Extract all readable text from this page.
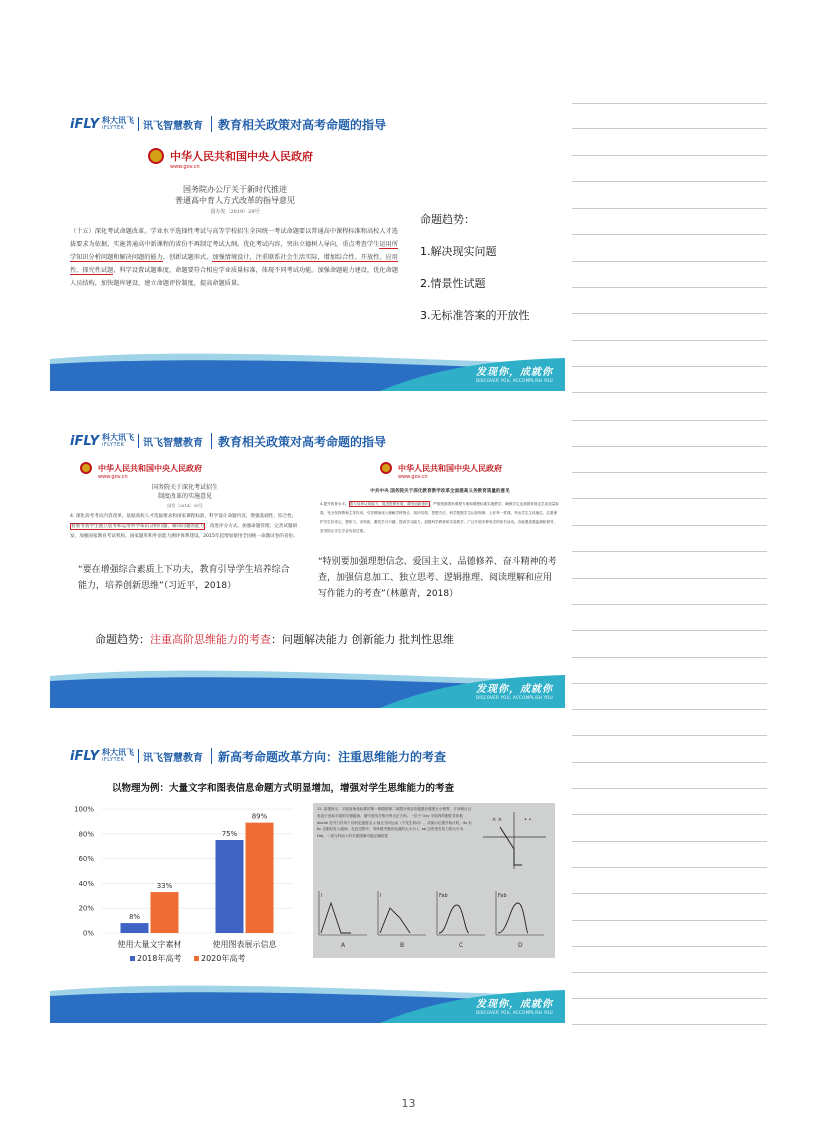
iFLY 科大讯飞
iFLYTEK	讯飞智慧教育 教育相关政策对高考命题的指导
中华人民共和国中央人民政府
www.gov.cn
国务院办公厅关于新时代推进
普通高中育人方式改革的指导意见
国办发〔2019〕29号
（十五）深化考试命题改革。学业水平选择性考试与高等学校招生全国统一考试命题要以普通高中课程标准和高校人才选拔要求为依据，实施普通高中新课程的省份不再制定考试大纲。优化考试内容，突出立德树人导向，重点考查学生运用所学知识分析问题和解决问题的能力，创新试题形式，加强情境设计，注重联系社会生活实际，增加综合性、开放性、应用性、探究性试题，科学设置试题难度，命题要符合相应学业质量标准，体现不同考试功能。加强命题能力建设，优化命题人员结构，加快题库建设，建立命题评价制度，提高命题质量。
命题趋势：
1.解决现实问题
2.情景性试题
3.无标准答案的开放性
发现你，成就你
DISCOVER YOU, ACCOMPLISH YOU
iFLY 科大讯飞
iFLYTEK	讯飞智慧教育 教育相关政策对高考命题的指导
中华人民共和国中央人民政府
www.gov.cn
国务院关于深化考试招生
制度改革的实施意见
国发〔2014〕35号
4. 深化高考考试内容改革。依据高校人才选拔要求和国家课程标准，科学设计命题内容，增强基础性、综合性，着重考查学生独立思考和运用所学知识分析问题、解决问题的能力，改进评分方式。加强命题管理，完善试题研发，加强国家教育考试机构、国家题库和外语能力测评体系建设。2015年起增加使用全国统一命题试卷的省份。
中华人民共和国中央人民政府
www.gov.cn
中共中央 国务院关于深化教育教学改革全面提高义务教育质量的意见
4.提升智育水平。着力培养认知能力，促进思维发展，激发创新意识。严格按照国家课程方案和课程标准实施教学，确保学生达到国家规定学业质量标准。充分发挥教师主导作用，引导教师深入理解学科特点、知识结构、思想方法，科学把握学生认知规律，上好每一堂课。突出学生主体地位，注重保护学生好奇心、想象力、求知欲，激发学习兴趣，提高学习能力。加强科学教育和实验教学，广泛开展多种形式的读书活动。各地要加强监测和督导，坚决防止学生学业负担过重。
“要在增强综合素质上下功夫，教育引导学生培养综合能力，培养创新思维”（习近平，2018）
“特别要加强理想信念、爱国主义、品德修养、奋斗精神的考查，加强信息加工、独立思考、逻辑推理、阅读理解和应用写作能力的考查”（林蕙青，2018）
命题趋势：注重高阶思维能力的考查：问题解决能力 创新能力 批判性思维
发现你，成就你
DISCOVER YOU, ACCOMPLISH YOU
iFLY 科大讯飞
iFLYTEK	讯飞智慧教育 新高考命题改革方向：注重思维能力的考查
以物理为例：大量文字和图表信息命题方式明显增加，增强对学生思维能力的考查
0%
20%
40%
60%
80%
100%
8%
75%
33%
89%
使用大量文字素材	使用图表展示信息
2018年高考 2020年高考
12. 如图所示，平面直角坐标系的第一象限和第二象限分别存在磁感应强度大小相等、方向相反且垂直于坐标平面的匀强磁场，图中虚线方格为等大正方形。一位于 Oxy 平面内的刚性导体框 abcde 在外力作用下以恒定速度沿 y 轴正方向运动（不发生转动）。从图示位置开始计时，4s 末 bc 边刚好进入磁场。在此过程中，导体框内感应电流的大小为 I，ab 边所受安培力的大小为 Fab，二者与时间 t 的关系图像可能正确的是
× ×	• •
I
A
I
B
Fab
C
Fab
D
发现你，成就你
DISCOVER YOU, ACCOMPLISH YOU
13
